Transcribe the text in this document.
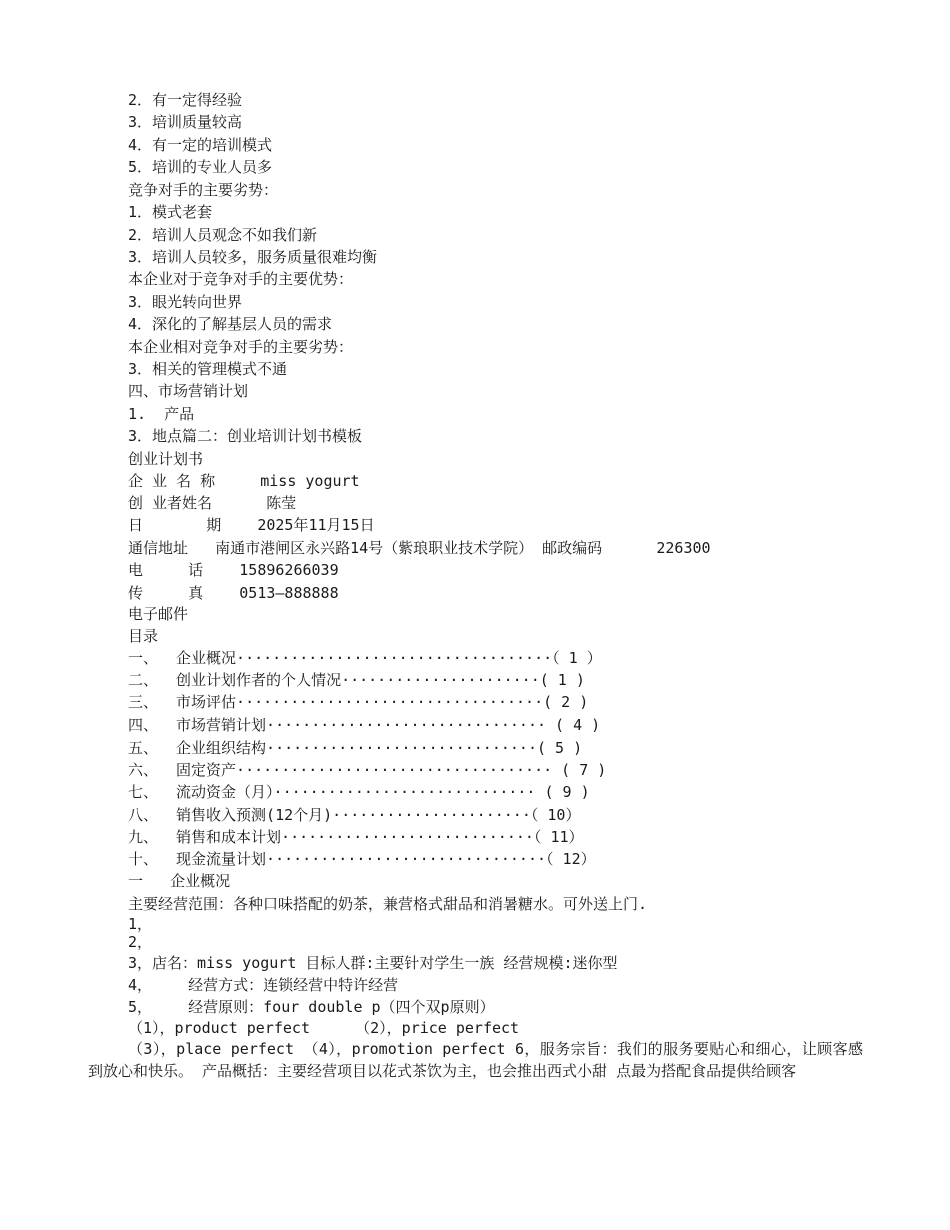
2．有一定得经验
3．培训质量较高
4．有一定的培训模式
5．培训的专业人员多
竞争对手的主要劣势：
1．模式老套
2．培训人员观念不如我们新
3．培训人员较多，服务质量很难均衡
本企业对于竞争对手的主要优势：
3．眼光转向世界
4．深化的了解基层人员的需求
本企业相对竞争对手的主要劣势：
3．相关的管理模式不通
四、市场营销计划
1.  产品
3．地点篇二：创业培训计划书模板
创业计划书
企 业 名 称     miss yogurt
创 业者姓名      陈莹
日       期    2025年11月15日
通信地址   南通市港闸区永兴路14号（紫琅职业技术学院） 邮政编码      226300
电     话    15896266039
传     真    0513—888888
电子邮件
目录
一、  企业概况···································（ 1 ）
二、  创业计划作者的个人情况······················( 1 )
三、  市场评估··································( 2 )
四、  市场营销计划······························· ( 4 )
五、  企业组织结构······························( 5 )
六、  固定资产··································· ( 7 )
七、  流动资金（月）····························· ( 9 )
八、  销售收入预测(12个月)······················（ 10）
九、  销售和成本计划····························（ 11）
十、  现金流量计划·······························（ 12）
一   企业概况
主要经营范围：各种口味搭配的奶茶，兼营格式甜品和消暑糖水。可外送上门.
1，
2，
3，店名：miss yogurt 目标人群:主要针对学生一族 经营规模:迷你型
4，    经营方式：连锁经营中特许经营
5，    经营原则：four double p（四个双p原则）
（1），product perfect     （2），price perfect
（3），place perfect （4），promotion perfect 6，服务宗旨：我们的服务要贴心和细心，让顾客感到放心和快乐。 产品概括：主要经营项目以花式茶饮为主，也会推出西式小甜 点最为搭配食品提供给顾客
